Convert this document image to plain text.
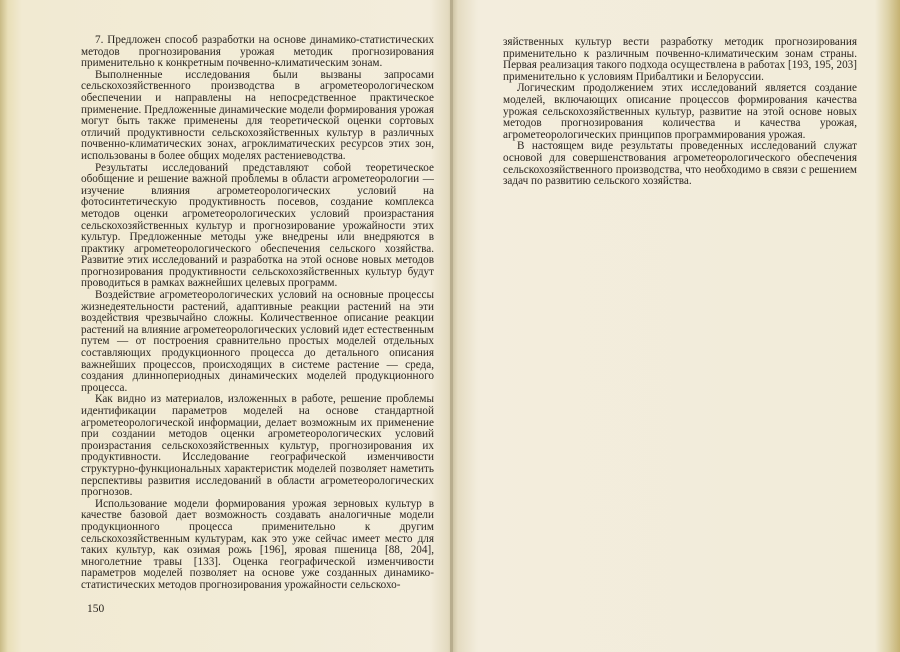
7. Предложен способ разработки на основе динамико-статистических методов прогнозирования урожая методик прогнозирования применительно к конкретным почвенно-климатическим зонам.

Выполненные исследования были вызваны запросами сельскохозяйственного производства в агрометеорологическом обеспечении и направлены на непосредственное практическое применение. Предложенные динамические модели формирования урожая могут быть также применены для теоретической оценки сортовых отличий продуктивности сельскохозяйственных культур в различных почвенно-климатических зонах, агроклиматических ресурсов этих зон, использованы в более общих моделях растениеводства.

Результаты исследований представляют собой теоретическое обобщение и решение важной проблемы в области агрометеорологии — изучение влияния агрометеорологических условий на фотосинтетическую продуктивность посевов, создание комплекса методов оценки агрометеорологических условий произрастания сельскохозяйственных культур и прогнозирование урожайности этих культур. Предложенные методы уже внедрены или внедряются в практику агрометеорологического обеспечения сельского хозяйства. Развитие этих исследований и разработка на этой основе новых методов прогнозирования продуктивности сельскохозяйственных культур будут проводиться в рамках важнейших целевых программ.

Воздействие агрометеорологических условий на основные процессы жизнедеятельности растений, адаптивные реакции растений на эти воздействия чрезвычайно сложны. Количественное описание реакции растений на влияние агрометеорологических условий идет естественным путем — от построения сравнительно простых моделей отдельных составляющих продукционного процесса до детального описания важнейших процессов, происходящих в системе растение — среда, создания длиннопериодных динамических моделей продукционного процесса.

Как видно из материалов, изложенных в работе, решение проблемы идентификации параметров моделей на основе стандартной агрометеорологической информации, делает возможным их применение при создании методов оценки агрометеорологических условий произрастания сельскохозяйственных культур, прогнозирования их продуктивности. Исследование географической изменчивости структурно-функциональных характеристик моделей позволяет наметить перспективы развития исследований в области агрометеорологических прогнозов.

Использование модели формирования урожая зерновых культур в качестве базовой дает возможность создавать аналогичные модели продукционного процесса применительно к другим сельскохозяйственным культурам, как это уже сейчас имеет место для таких культур, как озимая рожь [196], яровая пшеница [88, 204], многолетние травы [133]. Оценка географической изменчивости параметров моделей позволяет на основе уже созданных динамико-статистических методов прогнозирования урожайности сельскохо-

150

зяйственных культур вести разработку методик прогнозирования применительно к различным почвенно-климатическим зонам страны. Первая реализация такого подхода осуществлена в работах [193, 195, 203] применительно к условиям Прибалтики и Белоруссии.

Логическим продолжением этих исследований является создание моделей, включающих описание процессов формирования качества урожая сельскохозяйственных культур, развитие на этой основе новых методов прогнозирования количества и качества урожая, агрометеорологических принципов программирования урожая.

В настоящем виде результаты проведенных исследований служат основой для совершенствования агрометеорологического обеспечения сельскохозяйственного производства, что необходимо в связи с решением задач по развитию сельского хозяйства.
